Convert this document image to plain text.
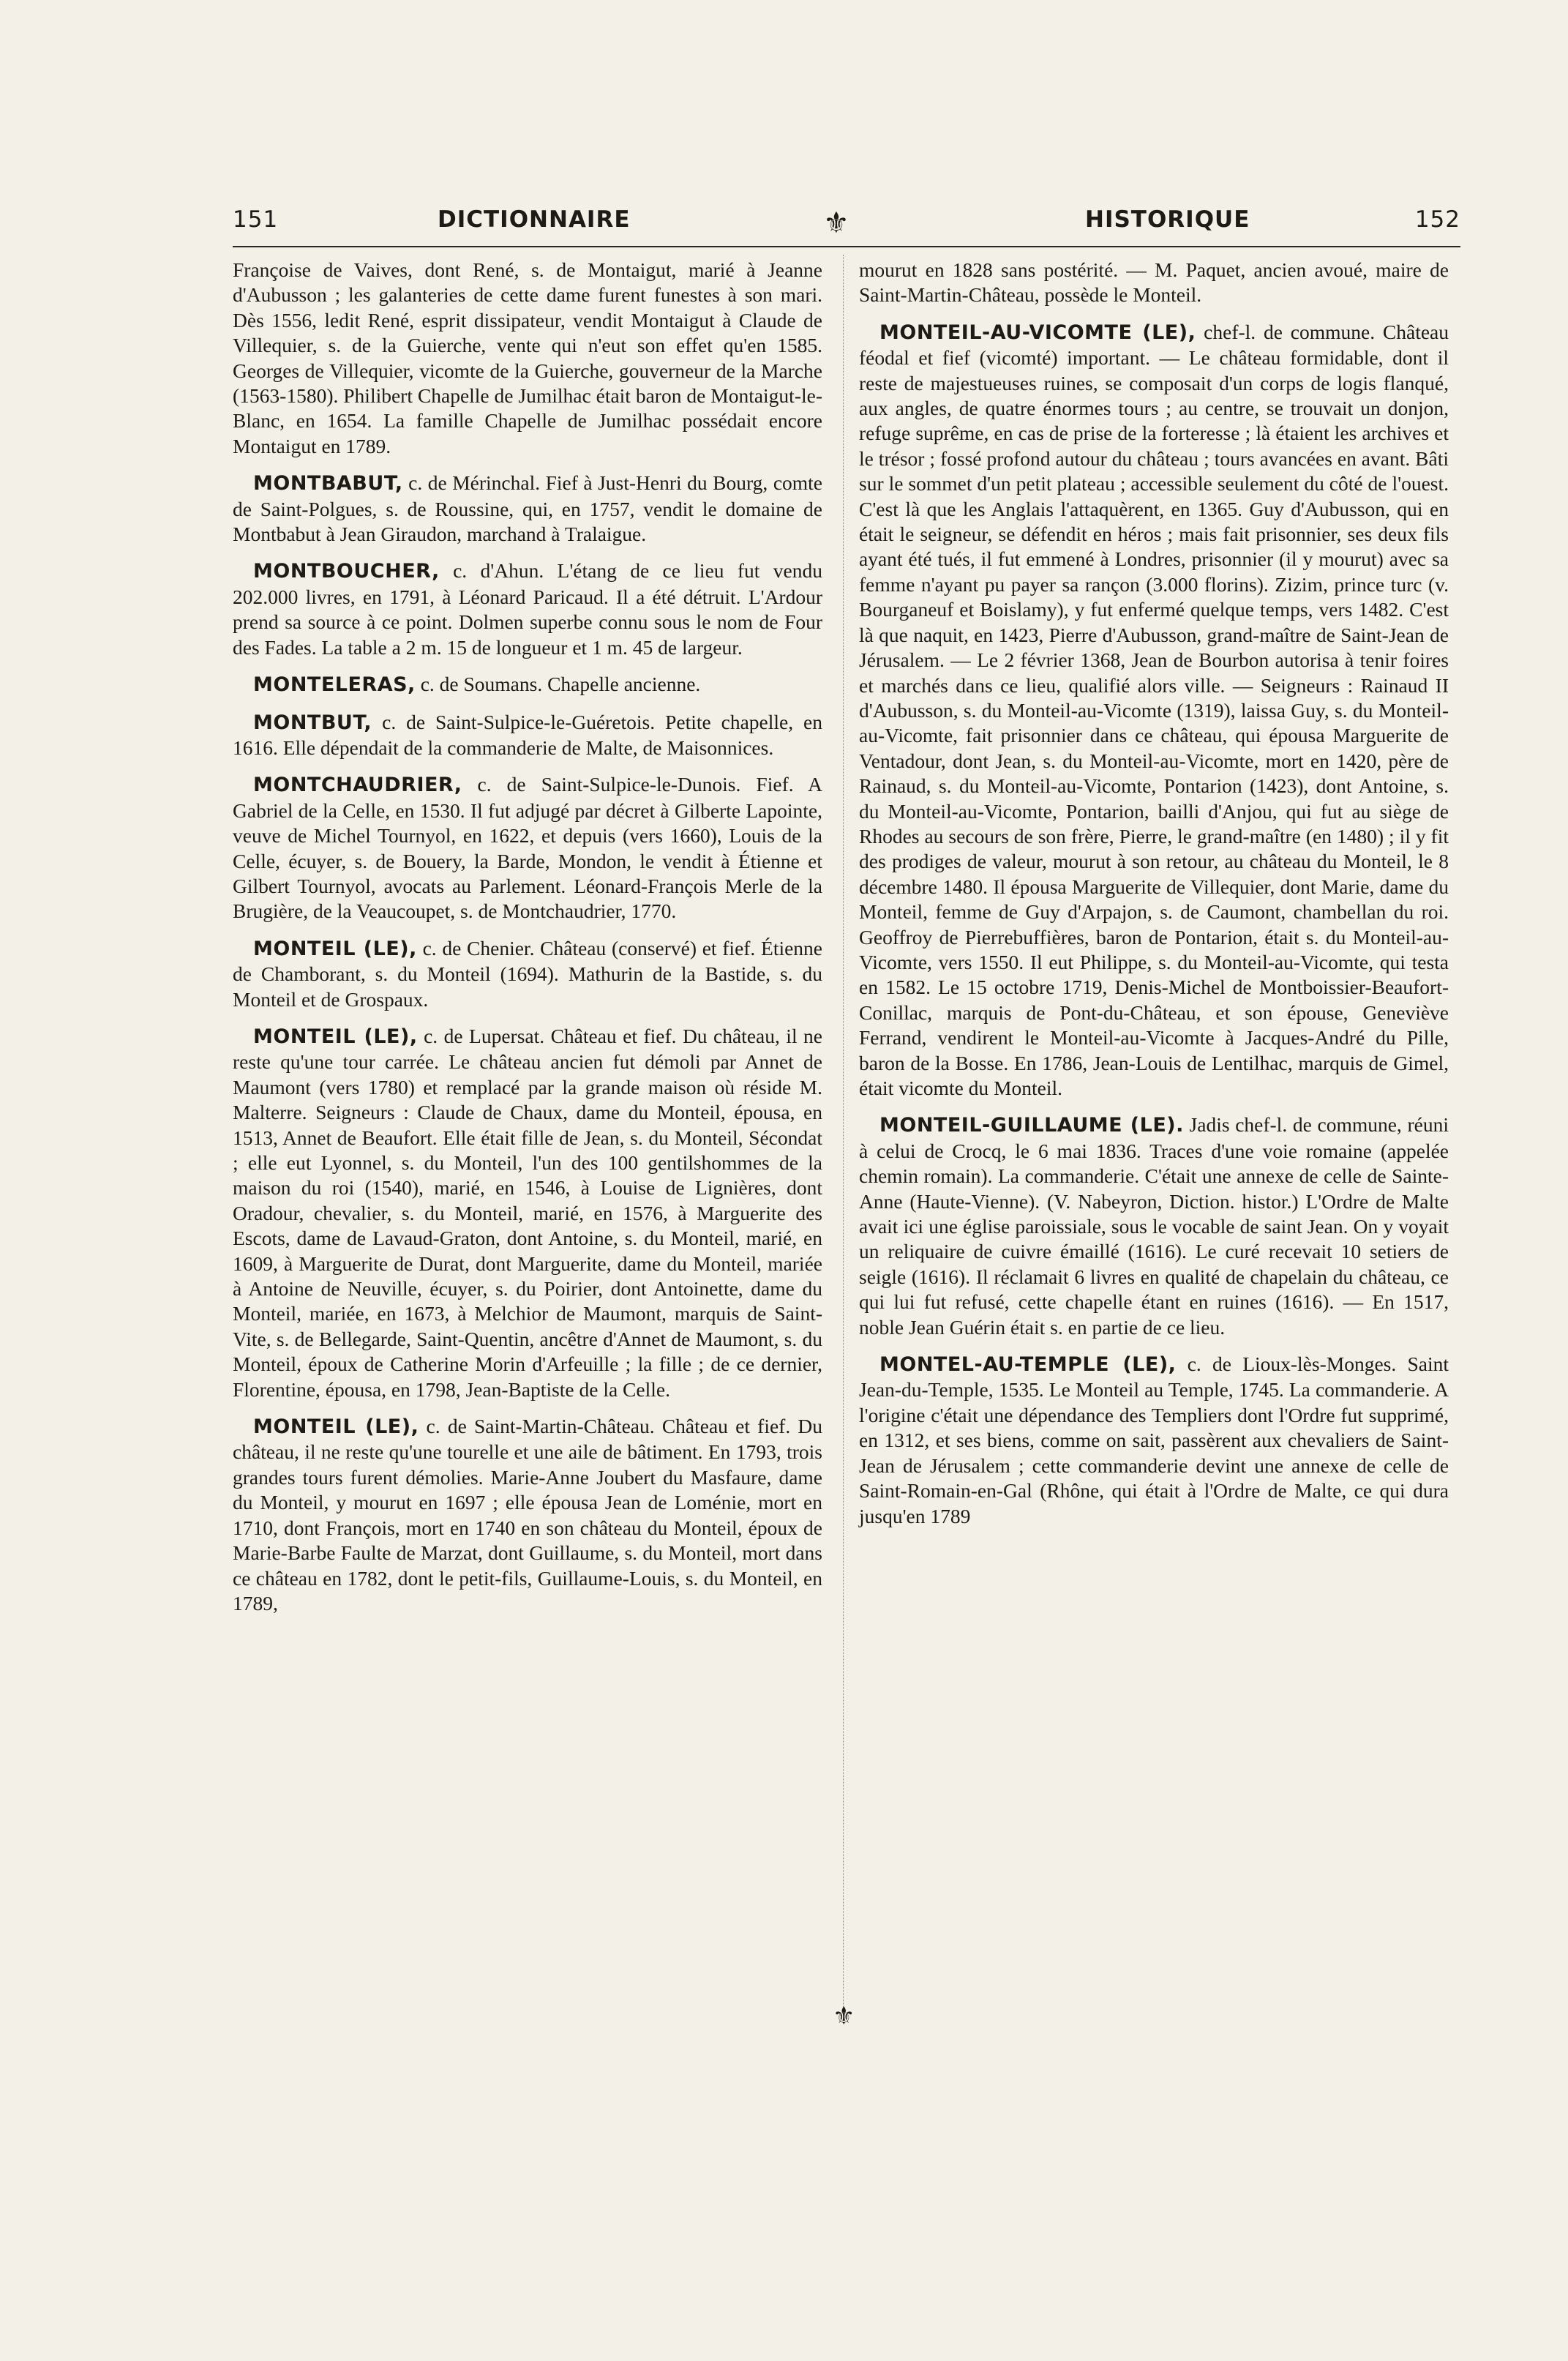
151	DICTIONNAIRE	⚜	HISTORIQUE	152
⚜

Françoise de Vaives, dont René, s. de Montaigut, marié à Jeanne d'Aubusson ; les galanteries de cette dame furent funestes à son mari. Dès 1556, ledit René, esprit dissipateur, vendit Montaigut à Claude de Villequier, s. de la Guierche, vente qui n'eut son effet qu'en 1585. Georges de Villequier, vicomte de la Guierche, gouverneur de la Marche (1563-1580). Philibert Chapelle de Jumilhac était baron de Montaigut-le-Blanc, en 1654. La famille Chapelle de Jumilhac possédait encore Montaigut en 1789.

MONTBABUT, c. de Mérinchal. Fief à Just-Henri du Bourg, comte de Saint-Polgues, s. de Roussine, qui, en 1757, vendit le domaine de Montbabut à Jean Giraudon, marchand à Tralaigue.

MONTBOUCHER, c. d'Ahun. L'étang de ce lieu fut vendu 202.000 livres, en 1791, à Léonard Paricaud. Il a été détruit. L'Ardour prend sa source à ce point. Dolmen superbe connu sous le nom de Four des Fades. La table a 2 m. 15 de longueur et 1 m. 45 de largeur.

MONTELERAS, c. de Soumans. Chapelle ancienne.

MONTBUT, c. de Saint-Sulpice-le-Guéretois. Petite chapelle, en 1616. Elle dépendait de la commanderie de Malte, de Maisonnices.

MONTCHAUDRIER, c. de Saint-Sulpice-le-Dunois. Fief. A Gabriel de la Celle, en 1530. Il fut adjugé par décret à Gilberte Lapointe, veuve de Michel Tournyol, en 1622, et depuis (vers 1660), Louis de la Celle, écuyer, s. de Bouery, la Barde, Mondon, le vendit à Étienne et Gilbert Tournyol, avocats au Parlement. Léonard-François Merle de la Brugière, de la Veaucoupet, s. de Montchaudrier, 1770.

MONTEIL (LE), c. de Chenier. Château (conservé) et fief. Étienne de Chamborant, s. du Monteil (1694). Mathurin de la Bastide, s. du Monteil et de Grospaux.

MONTEIL (LE), c. de Lupersat. Château et fief. Du château, il ne reste qu'une tour carrée. Le château ancien fut démoli par Annet de Maumont (vers 1780) et remplacé par la grande maison où réside M. Malterre. Seigneurs : Claude de Chaux, dame du Monteil, épousa, en 1513, Annet de Beaufort. Elle était fille de Jean, s. du Monteil, Sécondat ; elle eut Lyonnel, s. du Monteil, l'un des 100 gentilshommes de la maison du roi (1540), marié, en 1546, à Louise de Lignières, dont Oradour, chevalier, s. du Monteil, marié, en 1576, à Marguerite des Escots, dame de Lavaud-Graton, dont Antoine, s. du Monteil, marié, en 1609, à Marguerite de Durat, dont Marguerite, dame du Monteil, mariée à Antoine de Neuville, écuyer, s. du Poirier, dont Antoinette, dame du Monteil, mariée, en 1673, à Melchior de Maumont, marquis de Saint-Vite, s. de Bellegarde, Saint-Quentin, ancêtre d'Annet de Maumont, s. du Monteil, époux de Catherine Morin d'Arfeuille ; la fille ; de ce dernier, Florentine, épousa, en 1798, Jean-Baptiste de la Celle.

MONTEIL (LE), c. de Saint-Martin-Château. Château et fief. Du château, il ne reste qu'une tourelle et une aile de bâtiment. En 1793, trois grandes tours furent démolies. Marie-Anne Joubert du Masfaure, dame du Monteil, y mourut en 1697 ; elle épousa Jean de Loménie, mort en 1710, dont François, mort en 1740 en son château du Monteil, époux de Marie-Barbe Faulte de Marzat, dont Guillaume, s. du Monteil, mort dans ce château en 1782, dont le petit-fils, Guillaume-Louis, s. du Monteil, en 1789,

mourut en 1828 sans postérité. — M. Paquet, ancien avoué, maire de Saint-Martin-Château, possède le Monteil.

MONTEIL-AU-VICOMTE (LE), chef-l. de commune. Château féodal et fief (vicomté) important. — Le château formidable, dont il reste de majestueuses ruines, se composait d'un corps de logis flanqué, aux angles, de quatre énormes tours ; au centre, se trouvait un donjon, refuge suprême, en cas de prise de la forteresse ; là étaient les archives et le trésor ; fossé profond autour du château ; tours avancées en avant. Bâti sur le sommet d'un petit plateau ; accessible seulement du côté de l'ouest. C'est là que les Anglais l'attaquèrent, en 1365. Guy d'Aubusson, qui en était le seigneur, se défendit en héros ; mais fait prisonnier, ses deux fils ayant été tués, il fut emmené à Londres, prisonnier (il y mourut) avec sa femme n'ayant pu payer sa rançon (3.000 florins). Zizim, prince turc (v. Bourganeuf et Boislamy), y fut enfermé quelque temps, vers 1482. C'est là que naquit, en 1423, Pierre d'Aubusson, grand-maître de Saint-Jean de Jérusalem. — Le 2 février 1368, Jean de Bourbon autorisa à tenir foires et marchés dans ce lieu, qualifié alors ville. — Seigneurs : Rainaud II d'Aubusson, s. du Monteil-au-Vicomte (1319), laissa Guy, s. du Monteil-au-Vicomte, fait prisonnier dans ce château, qui épousa Marguerite de Ventadour, dont Jean, s. du Monteil-au-Vicomte, mort en 1420, père de Rainaud, s. du Monteil-au-Vicomte, Pontarion (1423), dont Antoine, s. du Monteil-au-Vicomte, Pontarion, bailli d'Anjou, qui fut au siège de Rhodes au secours de son frère, Pierre, le grand-maître (en 1480) ; il y fit des prodiges de valeur, mourut à son retour, au château du Monteil, le 8 décembre 1480. Il épousa Marguerite de Villequier, dont Marie, dame du Monteil, femme de Guy d'Arpajon, s. de Caumont, chambellan du roi. Geoffroy de Pierrebuffières, baron de Pontarion, était s. du Monteil-au-Vicomte, vers 1550. Il eut Philippe, s. du Monteil-au-Vicomte, qui testa en 1582. Le 15 octobre 1719, Denis-Michel de Montboissier-Beaufort-Conillac, marquis de Pont-du-Château, et son épouse, Geneviève Ferrand, vendirent le Monteil-au-Vicomte à Jacques-André du Pille, baron de la Bosse. En 1786, Jean-Louis de Lentilhac, marquis de Gimel, était vicomte du Monteil.

MONTEIL-GUILLAUME (LE). Jadis chef-l. de commune, réuni à celui de Crocq, le 6 mai 1836. Traces d'une voie romaine (appelée chemin romain). La commanderie. C'était une annexe de celle de Sainte-Anne (Haute-Vienne). (V. Nabeyron, Diction. histor.) L'Ordre de Malte avait ici une église paroissiale, sous le vocable de saint Jean. On y voyait un reliquaire de cuivre émaillé (1616). Le curé recevait 10 setiers de seigle (1616). Il réclamait 6 livres en qualité de chapelain du château, ce qui lui fut refusé, cette chapelle étant en ruines (1616). — En 1517, noble Jean Guérin était s. en partie de ce lieu.

MONTEL-AU-TEMPLE (LE), c. de Lioux-lès-Monges. Saint Jean-du-Temple, 1535. Le Monteil au Temple, 1745. La commanderie. A l'origine c'était une dépendance des Templiers dont l'Ordre fut supprimé, en 1312, et ses biens, comme on sait, passèrent aux chevaliers de Saint-Jean de Jérusalem ; cette commanderie devint une annexe de celle de Saint-Romain-en-Gal (Rhône, qui était à l'Ordre de Malte, ce qui dura jusqu'en 1789
